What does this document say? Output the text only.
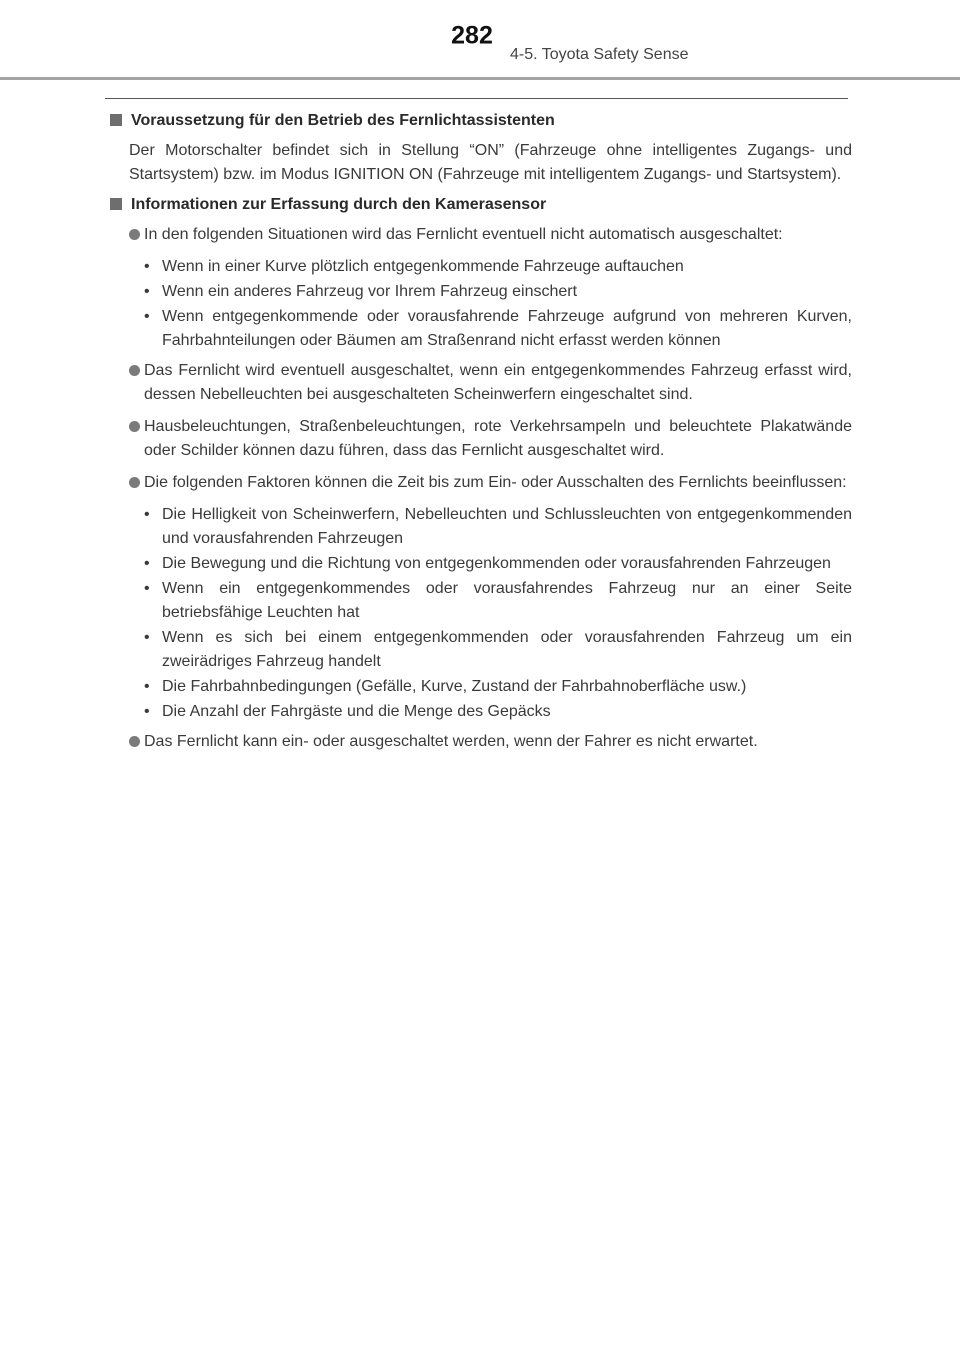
282
4-5. Toyota Safety Sense
Voraussetzung für den Betrieb des Fernlichtassistenten
Der Motorschalter befindet sich in Stellung “ON” (Fahrzeuge ohne intelligentes Zugangs- und Startsystem) bzw. im Modus IGNITION ON (Fahrzeuge mit intelligentem Zugangs- und Startsystem).
Informationen zur Erfassung durch den Kamerasensor
In den folgenden Situationen wird das Fernlicht eventuell nicht automatisch ausgeschaltet:
• Wenn in einer Kurve plötzlich entgegenkommende Fahrzeuge auftauchen
• Wenn ein anderes Fahrzeug vor Ihrem Fahrzeug einschert
• Wenn entgegenkommende oder vorausfahrende Fahrzeuge aufgrund von mehreren Kurven, Fahrbahnteilungen oder Bäumen am Straßenrand nicht erfasst werden können
Das Fernlicht wird eventuell ausgeschaltet, wenn ein entgegenkommendes Fahrzeug erfasst wird, dessen Nebelleuchten bei ausgeschalteten Scheinwerfern eingeschaltet sind.
Hausbeleuchtungen, Straßenbeleuchtungen, rote Verkehrsampeln und beleuchtete Plakatwände oder Schilder können dazu führen, dass das Fernlicht ausgeschaltet wird.
Die folgenden Faktoren können die Zeit bis zum Ein- oder Ausschalten des Fernlichts beeinflussen:
• Die Helligkeit von Scheinwerfern, Nebelleuchten und Schlussleuchten von entgegenkommenden und vorausfahrenden Fahrzeugen
• Die Bewegung und die Richtung von entgegenkommenden oder vorausfahrenden Fahrzeugen
• Wenn ein entgegenkommendes oder vorausfahrendes Fahrzeug nur an einer Seite betriebsfähige Leuchten hat
• Wenn es sich bei einem entgegenkommenden oder vorausfahrenden Fahrzeug um ein zweirädriges Fahrzeug handelt
• Die Fahrbahnbedingungen (Gefälle, Kurve, Zustand der Fahrbahnoberfläche usw.)
• Die Anzahl der Fahrgäste und die Menge des Gepäcks
Das Fernlicht kann ein- oder ausgeschaltet werden, wenn der Fahrer es nicht erwartet.
